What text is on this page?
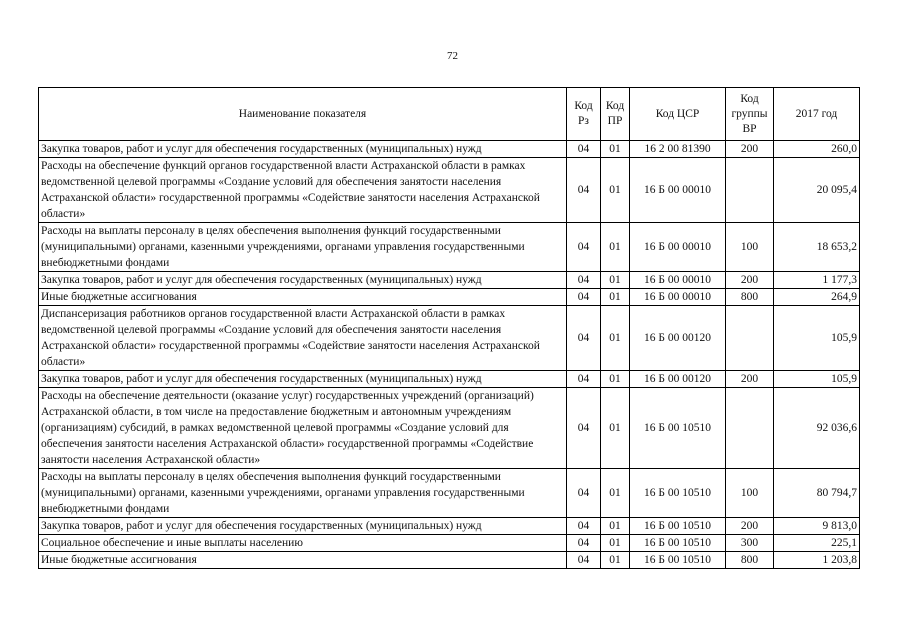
72
Наименование показателя	Код Рз	Код ПР	Код ЦСР	Код группы ВР	2017 год
Закупка товаров, работ и услуг для обеспечения государственных (муниципальных) нужд	04	01	16 2 00 81390	200	260,0
Расходы на обеспечение функций органов государственной власти Астраханской области в рамках ведомственной целевой программы «Создание условий для обеспечения занятости населения Астраханской области» государственной программы «Содействие занятости населения Астраханской области»	04	01	16 Б 00 00010		20 095,4
Расходы на выплаты персоналу в целях обеспечения выполнения функций государственными (муниципальными) органами, казенными учреждениями, органами управления государственными внебюджетными фондами	04	01	16 Б 00 00010	100	18 653,2
Закупка товаров, работ и услуг для обеспечения государственных (муниципальных) нужд	04	01	16 Б 00 00010	200	1 177,3
Иные бюджетные ассигнования	04	01	16 Б 00 00010	800	264,9
Диспансеризация работников органов государственной власти Астраханской области в рамках ведомственной целевой программы «Создание условий для обеспечения занятости населения Астраханской области» государственной программы «Содействие занятости населения Астраханской области»	04	01	16 Б 00 00120		105,9
Закупка товаров, работ и услуг для обеспечения государственных (муниципальных) нужд	04	01	16 Б 00 00120	200	105,9
Расходы на обеспечение деятельности (оказание услуг) государственных учреждений (организаций) Астраханской области, в том числе на предоставление бюджетным и автономным учреждениям (организациям) субсидий, в рамках ведомственной целевой программы «Создание условий для обеспечения занятости населения Астраханской области» государственной программы «Содействие занятости населения Астраханской области»	04	01	16 Б 00 10510		92 036,6
Расходы на выплаты персоналу в целях обеспечения выполнения функций государственными (муниципальными) органами, казенными учреждениями, органами управления государственными внебюджетными фондами	04	01	16 Б 00 10510	100	80 794,7
Закупка товаров, работ и услуг для обеспечения государственных (муниципальных) нужд	04	01	16 Б 00 10510	200	9 813,0
Социальное обеспечение и иные выплаты населению	04	01	16 Б 00 10510	300	225,1
Иные бюджетные ассигнования	04	01	16 Б 00 10510	800	1 203,8
